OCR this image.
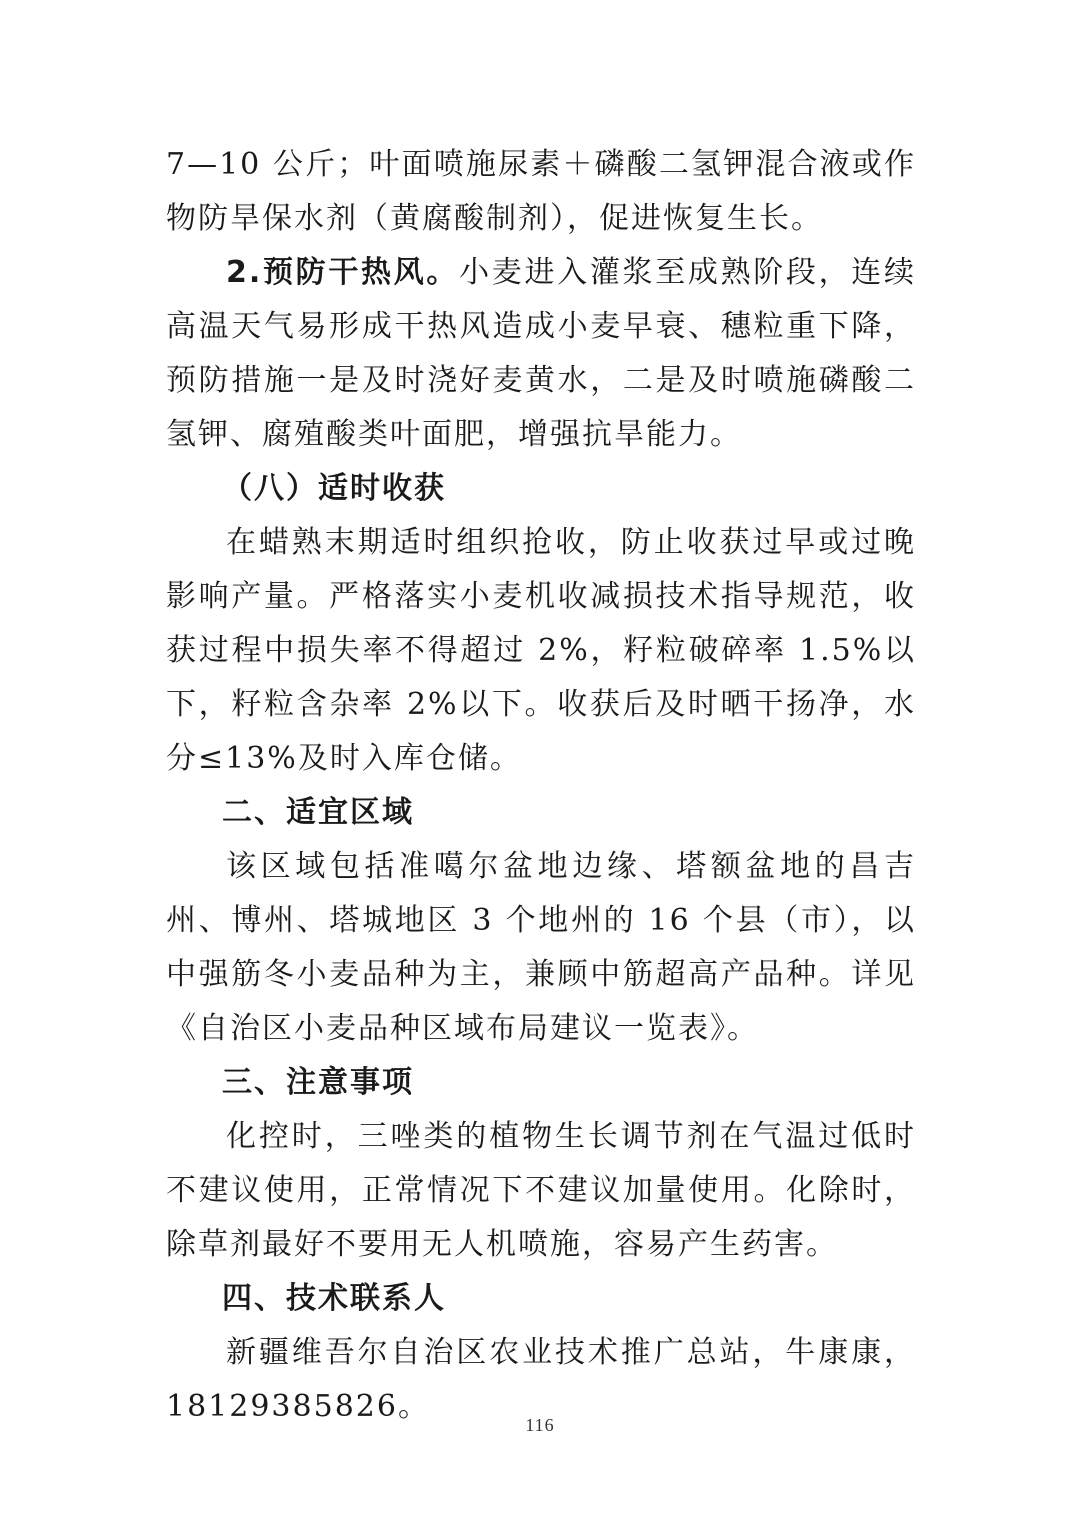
7—10 公斤；叶面喷施尿素＋磷酸二氢钾混合液或作物防旱保水剂（黄腐酸制剂），促进恢复生长。

2.预防干热风。小麦进入灌浆至成熟阶段，连续高温天气易形成干热风造成小麦早衰、穗粒重下降，预防措施一是及时浇好麦黄水，二是及时喷施磷酸二氢钾、腐殖酸类叶面肥，增强抗旱能力。

（八）适时收获

在蜡熟末期适时组织抢收，防止收获过早或过晚影响产量。严格落实小麦机收减损技术指导规范，收获过程中损失率不得超过 2%，籽粒破碎率 1.5%以下，籽粒含杂率 2%以下。收获后及时晒干扬净，水分≤13%及时入库仓储。

二、适宜区域

该区域包括准噶尔盆地边缘、塔额盆地的昌吉州、博州、塔城地区 3 个地州的 16 个县（市），以中强筋冬小麦品种为主，兼顾中筋超高产品种。详见《自治区小麦品种区域布局建议一览表》。

三、注意事项

化控时，三唑类的植物生长调节剂在气温过低时不建议使用，正常情况下不建议加量使用。化除时，除草剂最好不要用无人机喷施，容易产生药害。

四、技术联系人

新疆维吾尔自治区农业技术推广总站，牛康康，18129385826。

116
